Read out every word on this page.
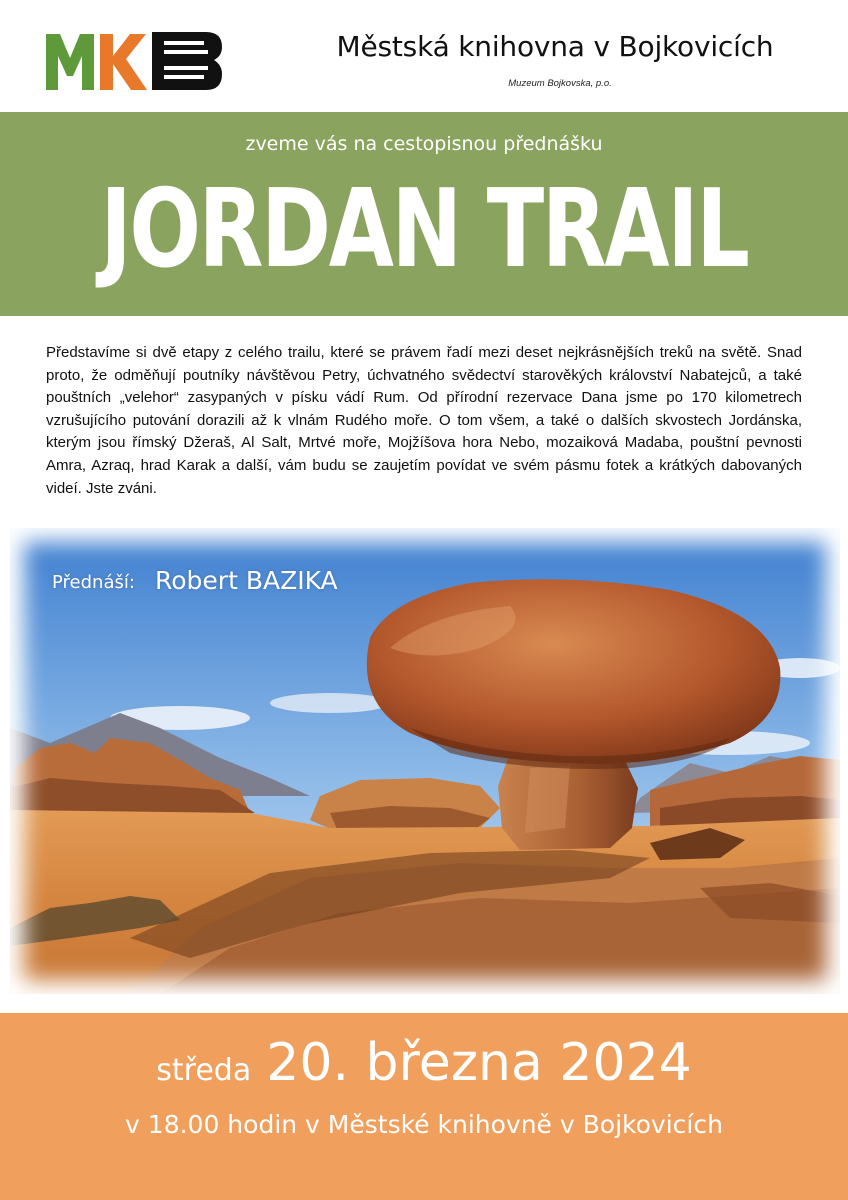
Městská knihovna v Bojkovicích
Muzeum Bojkovska, p.o.
zveme vás na cestopisnou přednášku
JORDAN TRAIL
Představíme si dvě etapy z celého trailu, které se právem řadí mezi deset nejkrásnějších treků na světě. Snad proto, že odměňují poutníky návštěvou Petry, úchvatného svědectví starověkých království Nabatejců, a také pouštních „velehor“ zasypaných v písku vádí Rum. Od přírodní rezervace Dana jsme po 170 kilometrech vzrušujícího putování dorazili až k vlnám Rudého moře. O tom všem, a také o dalších skvostech Jordánska, kterým jsou římský Džeraš, Al Salt, Mrtvé moře, Mojžíšova hora Nebo, mozaiková Madaba, pouštní pevnosti Amra, Azraq, hrad Karak a další, vám budu se zaujetím povídat ve svém pásmu fotek a krátkých dabovaných videí. Jste zváni.
Přednáší: Robert BAZIKA
středa 20. března 2024
v 18.00 hodin v Městské knihovně v Bojkovicích
